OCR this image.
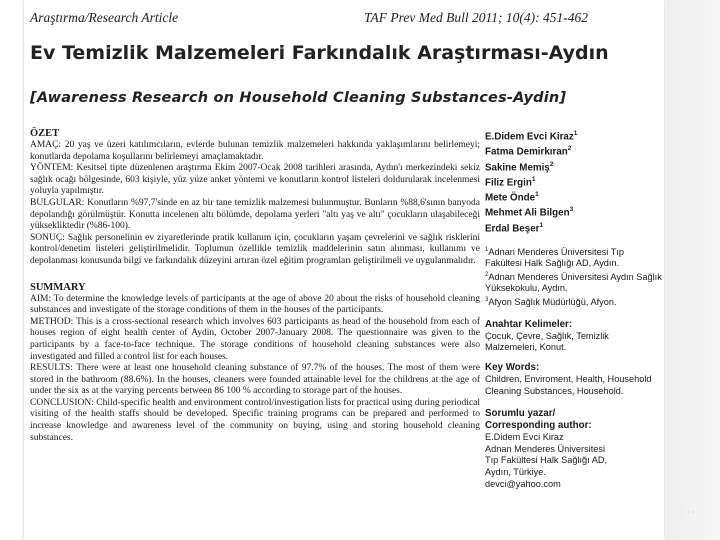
Araştırma/Research Article	TAF Prev Med Bull 2011; 10(4): 451-462
Ev Temizlik Malzemeleri Farkındalık Araştırması-Aydın
[Awareness Research on Household Cleaning Substances-Aydin]
ÖZET

AMAÇ: 20 yaş ve üzeri katılımcıların, evlerde bulunan temizlik malzemeleri hakkında yaklaşımlarını belirlemeyi; konutlarda depolama koşullarını belirlemeyi amaçlamaktadır.

YÖNTEM: Kesitsel tipte düzenlenen araştırma Ekim 2007-Ocak 2008 tarihleri arasında, Aydın'ı merkezindeki sekiz sağlık ocağı bölgesinde, 603 kişiyle, yüz yüze anket yöntemi ve konutların kontrol listeleri doldurularak incelenmesi yoluyla yapılmıştır.

BULGULAR: Konutların %97,7'sinde en az bir tane temizlik malzemesi bulunmuştur. Bunların %88,6'sının banyoda depolandığı görülmüştür. Konutta incelenen altı bölümde, depolama yerleri "altı yaş ve altı" çocukların ulaşabileceği yüksekliktedir (%86-100).

SONUÇ: Sağlık personelinin ev ziyaretlerinde pratik kullanım için, çocukların yaşam çevrelerini ve sağlık risklerini kontrol/denetim listeleri geliştirilmelidir. Toplumun özellikle temizlik maddelerinin satın alınması, kullanımı ve depolanması konusunda bilgi ve farkındalık düzeyini artıran özel eğitim programları geliştirilmeli ve uygulanmalıdır.

SUMMARY

AIM: To determine the knowledge levels of participants at the age of above 20 about the risks of household cleaning substances and investigate of the storage conditions of them in the houses of the participants.

METHOD: This is a cross-sectional research which involves 603 participants as head of the household from each of houses region of eight health center of Aydin, October 2007-January 2008. The questionnaire was given to the participants by a face-to-face technique. The storage conditions of household cleaning substances were also investigated and filled a control list for each houses.

RESULTS: There were at least one household cleaning substance of 97.7% of the houses. The most of them were stored in the bathroom (88.6%). In the houses, cleaners were founded attainable level for the childrens at the age of under the six as at the varying percents between 86 100 % according to storage part of the houses.

CONCLUSION: Child-specific health and environment control/investigation lists for practical using during periodical visiting of the health staffs should be developed. Specific training programs can be prepared and performed to increase knowledge and awareness level of the community on buying, using and storing household cleaning substances.

E.Didem Evci Kiraz$^1$
Fatma Demirkıran$^2$
Sakine Memiş$^2$
Filiz Ergin$^1$
Mete Önde$^1$
Mehmet Ali Bilgen$^3$
Erdal Beşer$^1$
$^1$Adnan Menderes Üniversitesi Tıp Fakültesi Halk Sağlığı AD, Aydın.
$^2$Adnan Menderes Üniversitesi Aydın Sağlık Yüksekokulu, Aydın.
$^3$Afyon Sağlık Müdürlüğü, Afyon.
Anahtar Kelimeler:
Çocuk, Çevre, Sağlık, Temizlik Malzemeleri, Konut.
Key Words:
Children, Enviroment, Health, Household Cleaning Substances, Household.
Sorumlu yazar/
Corresponding author:
E.Didem Evci Kiraz
Adnan Menderes Üniversitesi
Tıp Fakültesi Halk Sağlığı AD,
Aydın, Türkiye.
devci@yahoo.com
· · ·
